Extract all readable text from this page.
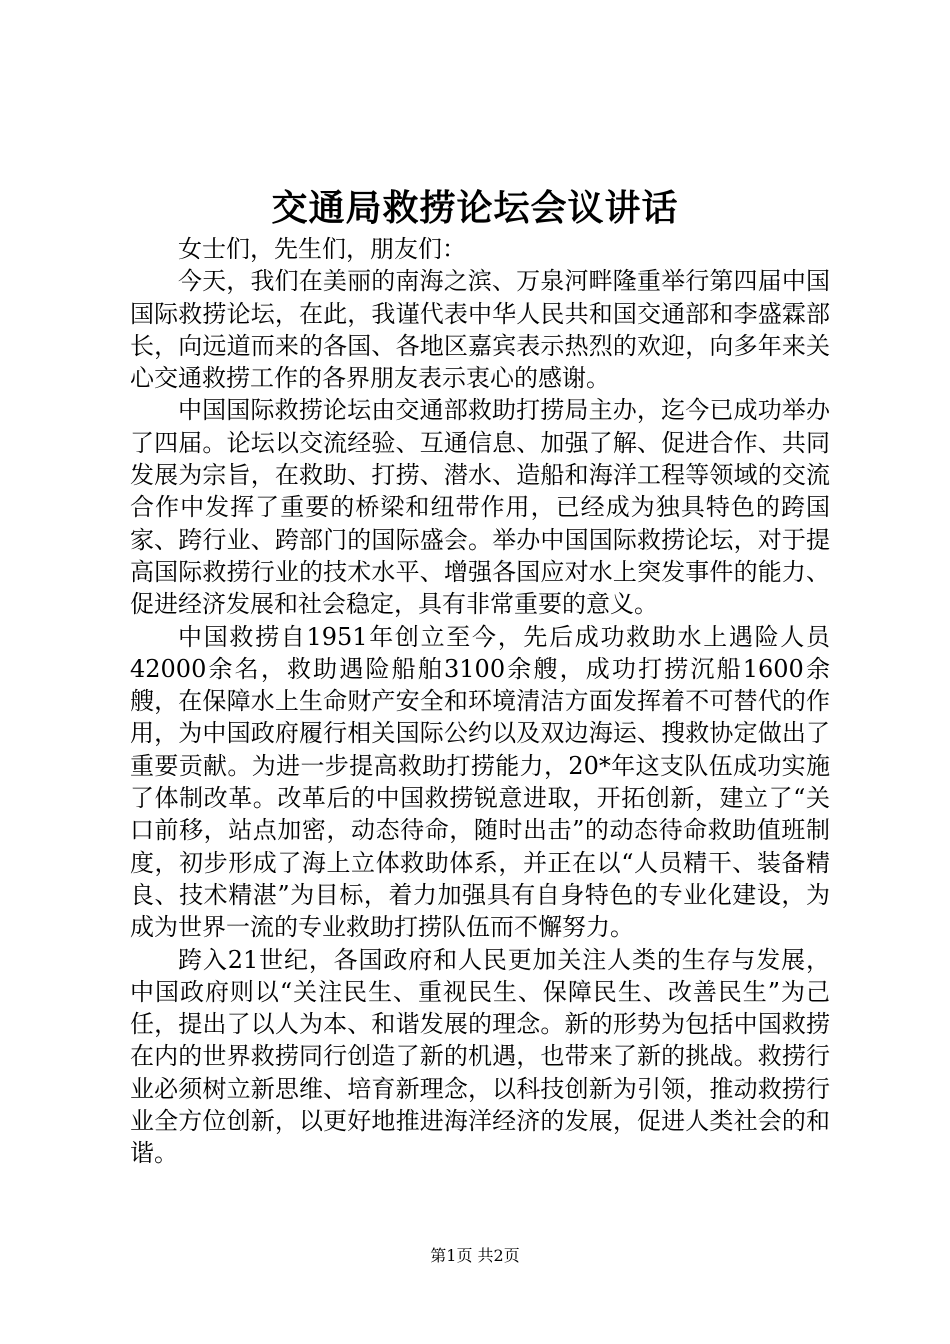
交通局救捞论坛会议讲话

女士们，先生们，朋友们：

今天，我们在美丽的南海之滨、万泉河畔隆重举行第四届中国国际救捞论坛，在此，我谨代表中华人民共和国交通部和李盛霖部长，向远道而来的各国、各地区嘉宾表示热烈的欢迎，向多年来关心交通救捞工作的各界朋友表示衷心的感谢。

中国国际救捞论坛由交通部救助打捞局主办，迄今已成功举办了四届。论坛以交流经验、互通信息、加强了解、促进合作、共同发展为宗旨，在救助、打捞、潜水、造船和海洋工程等领域的交流合作中发挥了重要的桥梁和纽带作用，已经成为独具特色的跨国家、跨行业、跨部门的国际盛会。举办中国国际救捞论坛，对于提高国际救捞行业的技术水平、增强各国应对水上突发事件的能力、促进经济发展和社会稳定，具有非常重要的意义。

中国救捞自1951年创立至今，先后成功救助水上遇险人员42000余名，救助遇险船舶3100余艘，成功打捞沉船1600余艘，在保障水上生命财产安全和环境清洁方面发挥着不可替代的作用，为中国政府履行相关国际公约以及双边海运、搜救协定做出了重要贡献。为进一步提高救助打捞能力，20*年这支队伍成功实施了体制改革。改革后的中国救捞锐意进取，开拓创新，建立了“关口前移，站点加密，动态待命，随时出击”的动态待命救助值班制度，初步形成了海上立体救助体系，并正在以“人员精干、装备精良、技术精湛”为目标，着力加强具有自身特色的专业化建设，为成为世界一流的专业救助打捞队伍而不懈努力。

跨入21世纪，各国政府和人民更加关注人类的生存与发展，中国政府则以“关注民生、重视民生、保障民生、改善民生”为己任，提出了以人为本、和谐发展的理念。新的形势为包括中国救捞在内的世界救捞同行创造了新的机遇，也带来了新的挑战。救捞行业必须树立新思维、培育新理念，以科技创新为引领，推动救捞行业全方位创新，以更好地推进海洋经济的发展，促进人类社会的和谐。

第1页 共2页
